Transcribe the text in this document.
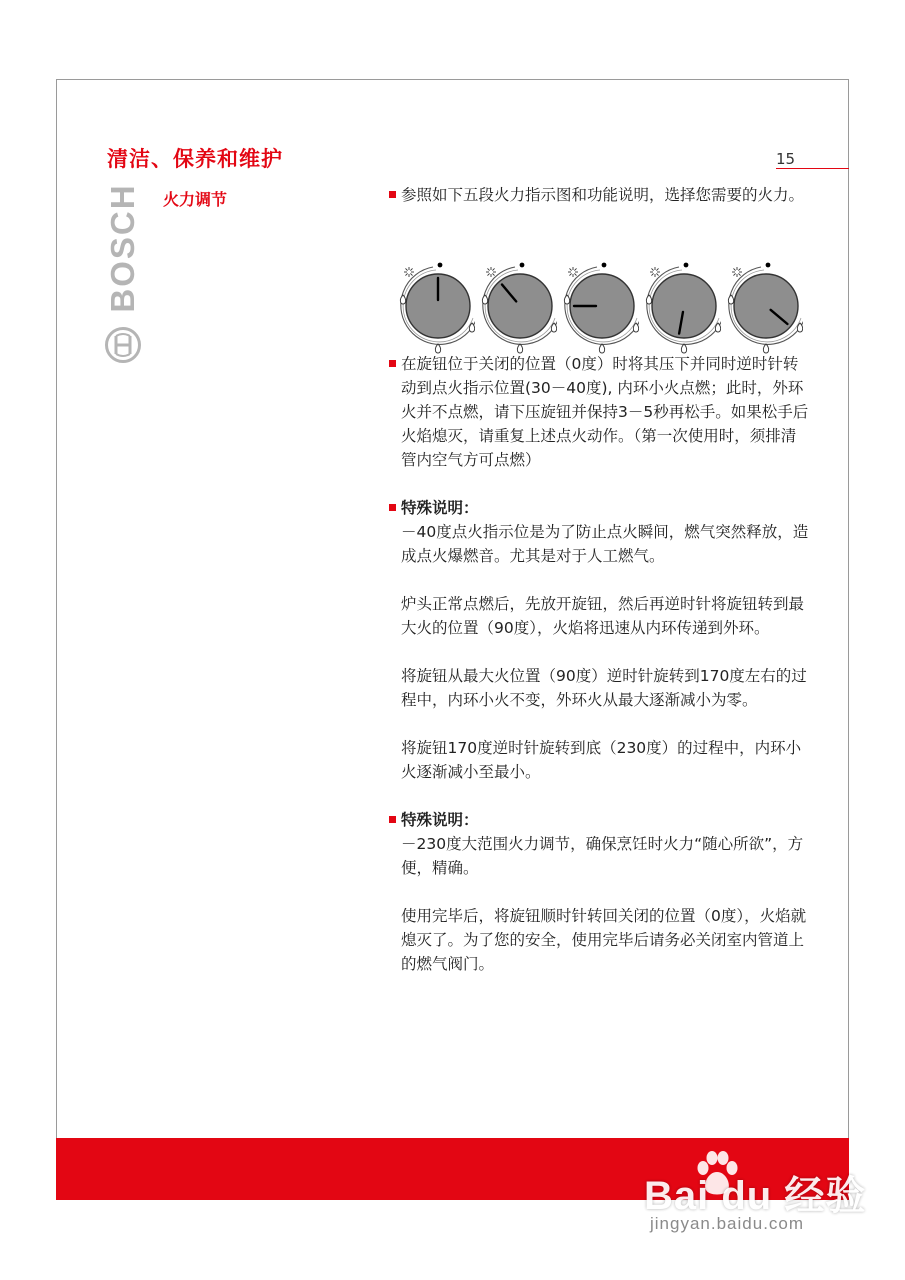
清洁、保养和维护
火力调节
15
BOSCH	参照如下五段火力指示图和功能说明，选择您需要的火力。

在旋钮位于关闭的位置（0度）时将其压下并同时逆时针转动到点火指示位置(30－40度), 内环小火点燃；此时，外环火并不点燃，请下压旋钮并保持3－5秒再松手。如果松手后火焰熄灭，请重复上述点火动作。（第一次使用时，须排清管内空气方可点燃）

特殊说明：

－40度点火指示位是为了防止点火瞬间，燃气突然释放，造成点火爆燃音。尤其是对于人工燃气。

炉头正常点燃后，先放开旋钮，然后再逆时针将旋钮转到最大火的位置（90度），火焰将迅速从内环传递到外环。

将旋钮从最大火位置（90度）逆时针旋转到170度左右的过程中，内环小火不变，外环火从最大逐渐减小为零。

将旋钮170度逆时针旋转到底（230度）的过程中，内环小火逐渐减小至最小。

特殊说明：

－230度大范围火力调节，确保烹饪时火力“随心所欲”，方便，精确。

使用完毕后，将旋钮顺时针转回关闭的位置（0度），火焰就熄灭了。为了您的安全，使用完毕后请务必关闭室内管道上的燃气阀门。

Bai du 经验
jingyan.baidu.com
